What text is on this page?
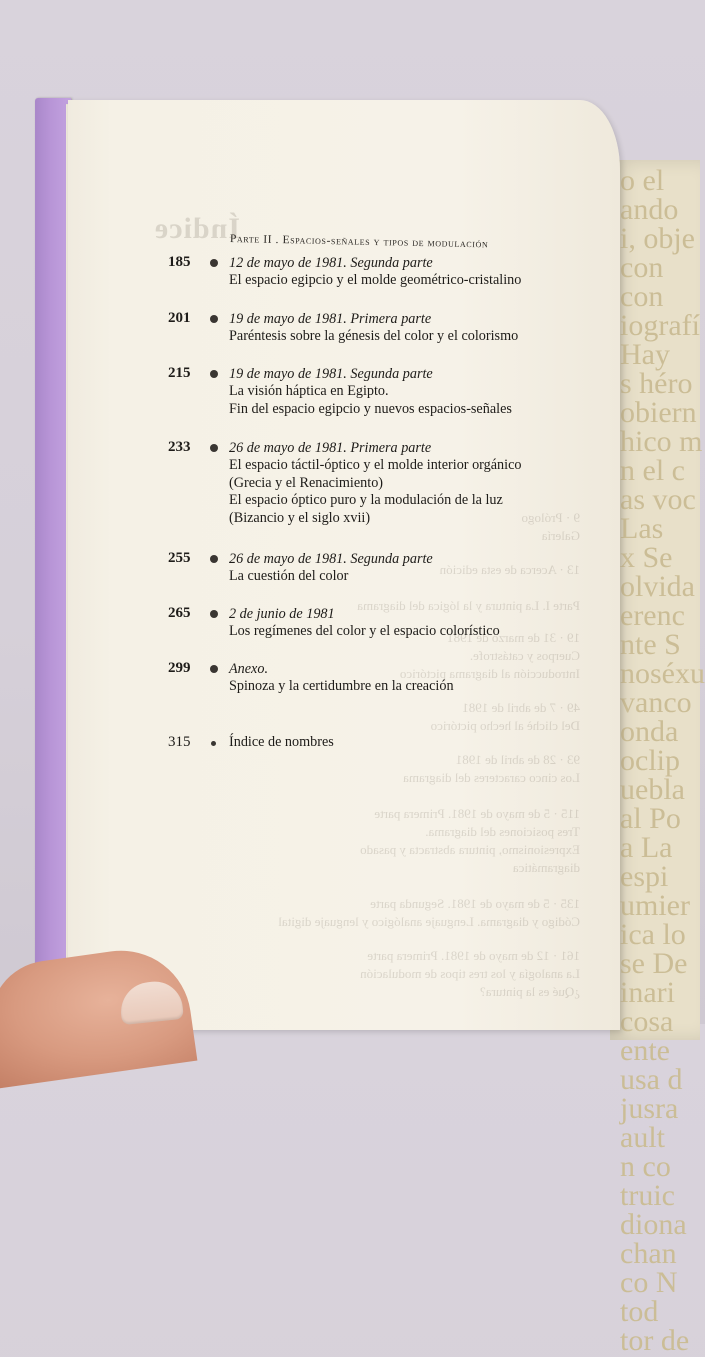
o el
ando
i, obje
con
con
iografí
Hay
s héro
obiern
hico m
n el c
as voc
Las
x Se
olvida
erenc
nte S
noséxu
vanco
onda
oclip
uebla
al Po
a La
espi
umier
ica lo
se De
inari
cosa
ente
usa d
jusra
ault
n co
truic
diona
chan
co N
tod
tor de
Índice
9 · Prólogo
Galería
13 · Acerca de esta edición
Parte I. La pintura y la lógica del diagrama
19 · 31 de marzo de 1981
Cuerpos y catástrofe.
Introducción al diagrama pictórico
49 · 7 de abril de 1981
Del clichè al hecho pictórico
93 · 28 de abril de 1981
Los cinco caracteres del diagrama
115 · 5 de mayo de 1981. Primera parte
Tres posiciones del diagrama.
Expresionismo, pintura abstracta y pasado
diagramática
135 · 5 de mayo de 1981. Segunda parte
Código y diagrama. Lenguaje analógico y lenguaje digital
161 · 12 de mayo de 1981. Primera parte
La analogía y los tres tipos de modulación
¿Qué es la pintura?
Parte II . Espacios-señales y tipos de modulación
185	12 de mayo de 1981. Segunda parte
El espacio egipcio y el molde geométrico-cristalino
201	19 de mayo de 1981. Primera parte
Paréntesis sobre la génesis del color y el colorismo
215	19 de mayo de 1981. Segunda parte
La visión háptica en Egipto.
Fin del espacio egipcio y nuevos espacios-señales
233	26 de mayo de 1981. Primera parte
El espacio táctil-óptico y el molde interior orgánico
(Grecia y el Renacimiento)
El espacio óptico puro y la modulación de la luz
(Bizancio y el siglo xvii)
255	26 de mayo de 1981. Segunda parte
La cuestión del color
265	2 de junio de 1981
Los regímenes del color y el espacio colorístico
299	Anexo.
Spinoza y la certidumbre en la creación
315	Índice de nombres
